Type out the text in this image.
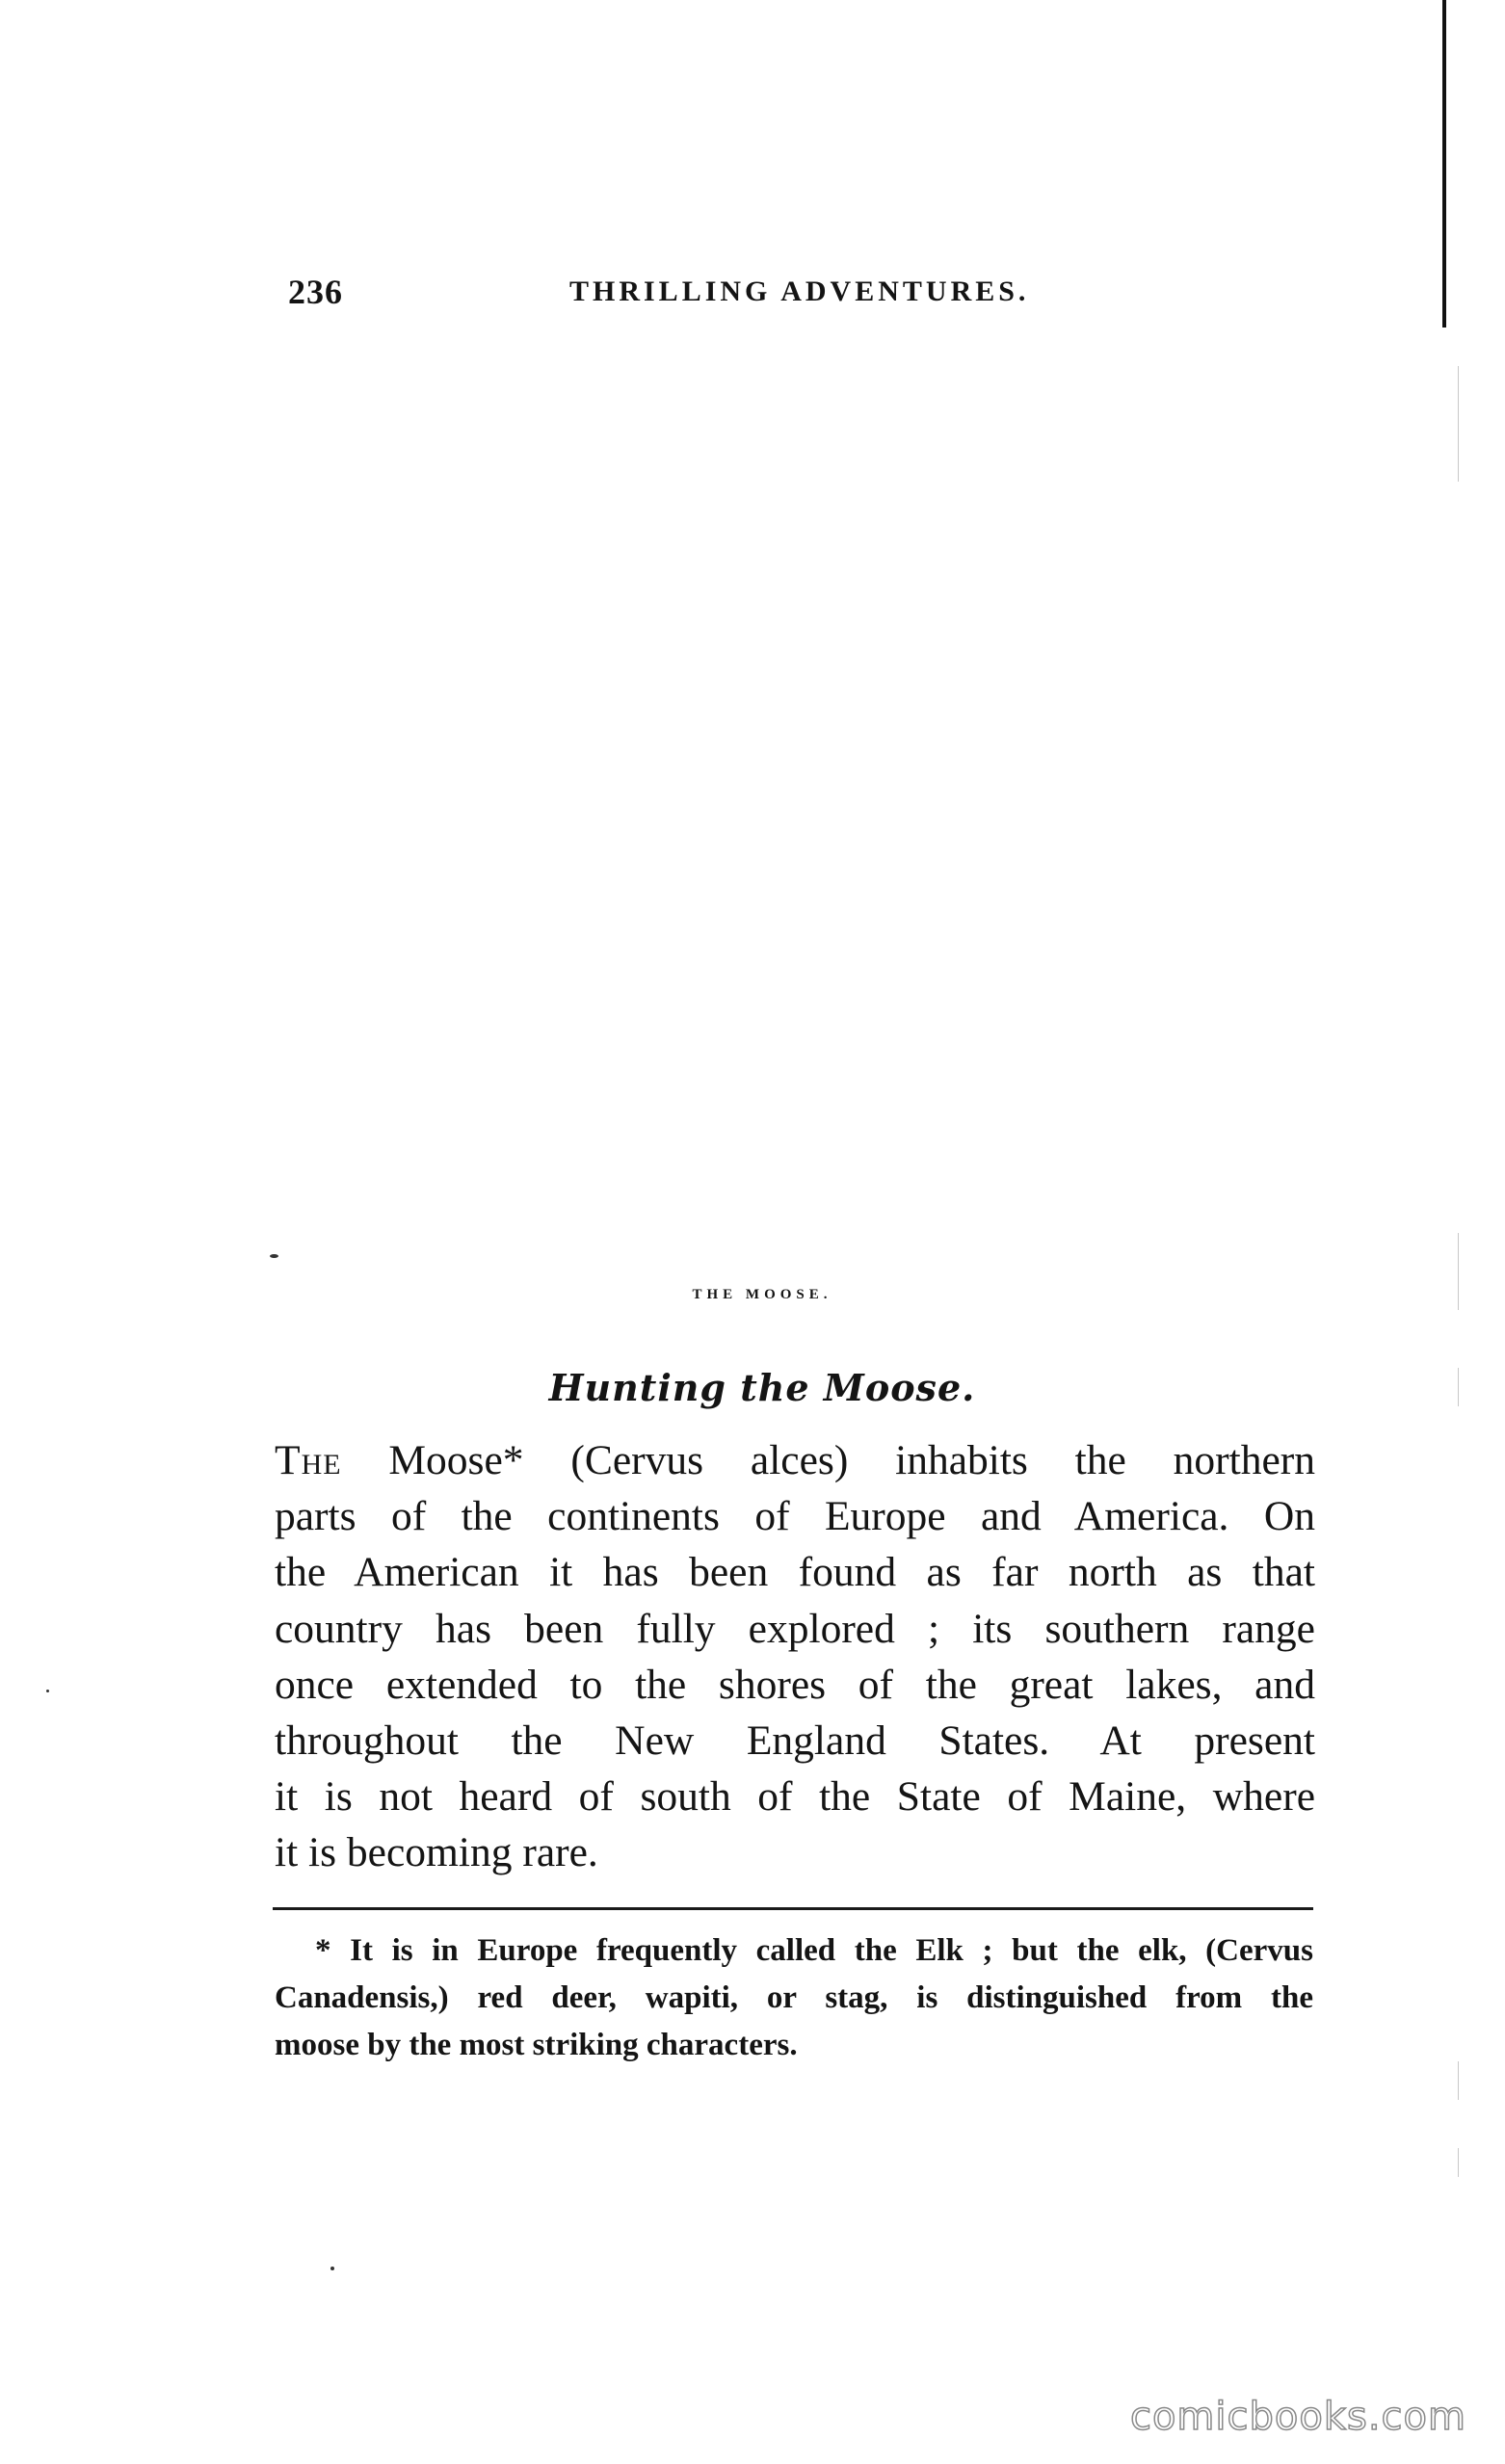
236	THRILLING ADVENTURES.
THE MOOSE.
Hunting the Moose.
The Moose* (Cervus alces) inhabits the northern
parts of the continents of Europe and America. On
the American it has been found as far north as that
country has been fully explored ; its southern range
once extended to the shores of the great lakes, and
throughout the New England States. At present
it is not heard of south of the State of Maine, where
it is becoming rare.
* It is in Europe frequently called the Elk ; but the elk, (Cervus
Canadensis,) red deer, wapiti, or stag, is distinguished from the
moose by the most striking characters.
comicbooks.com
